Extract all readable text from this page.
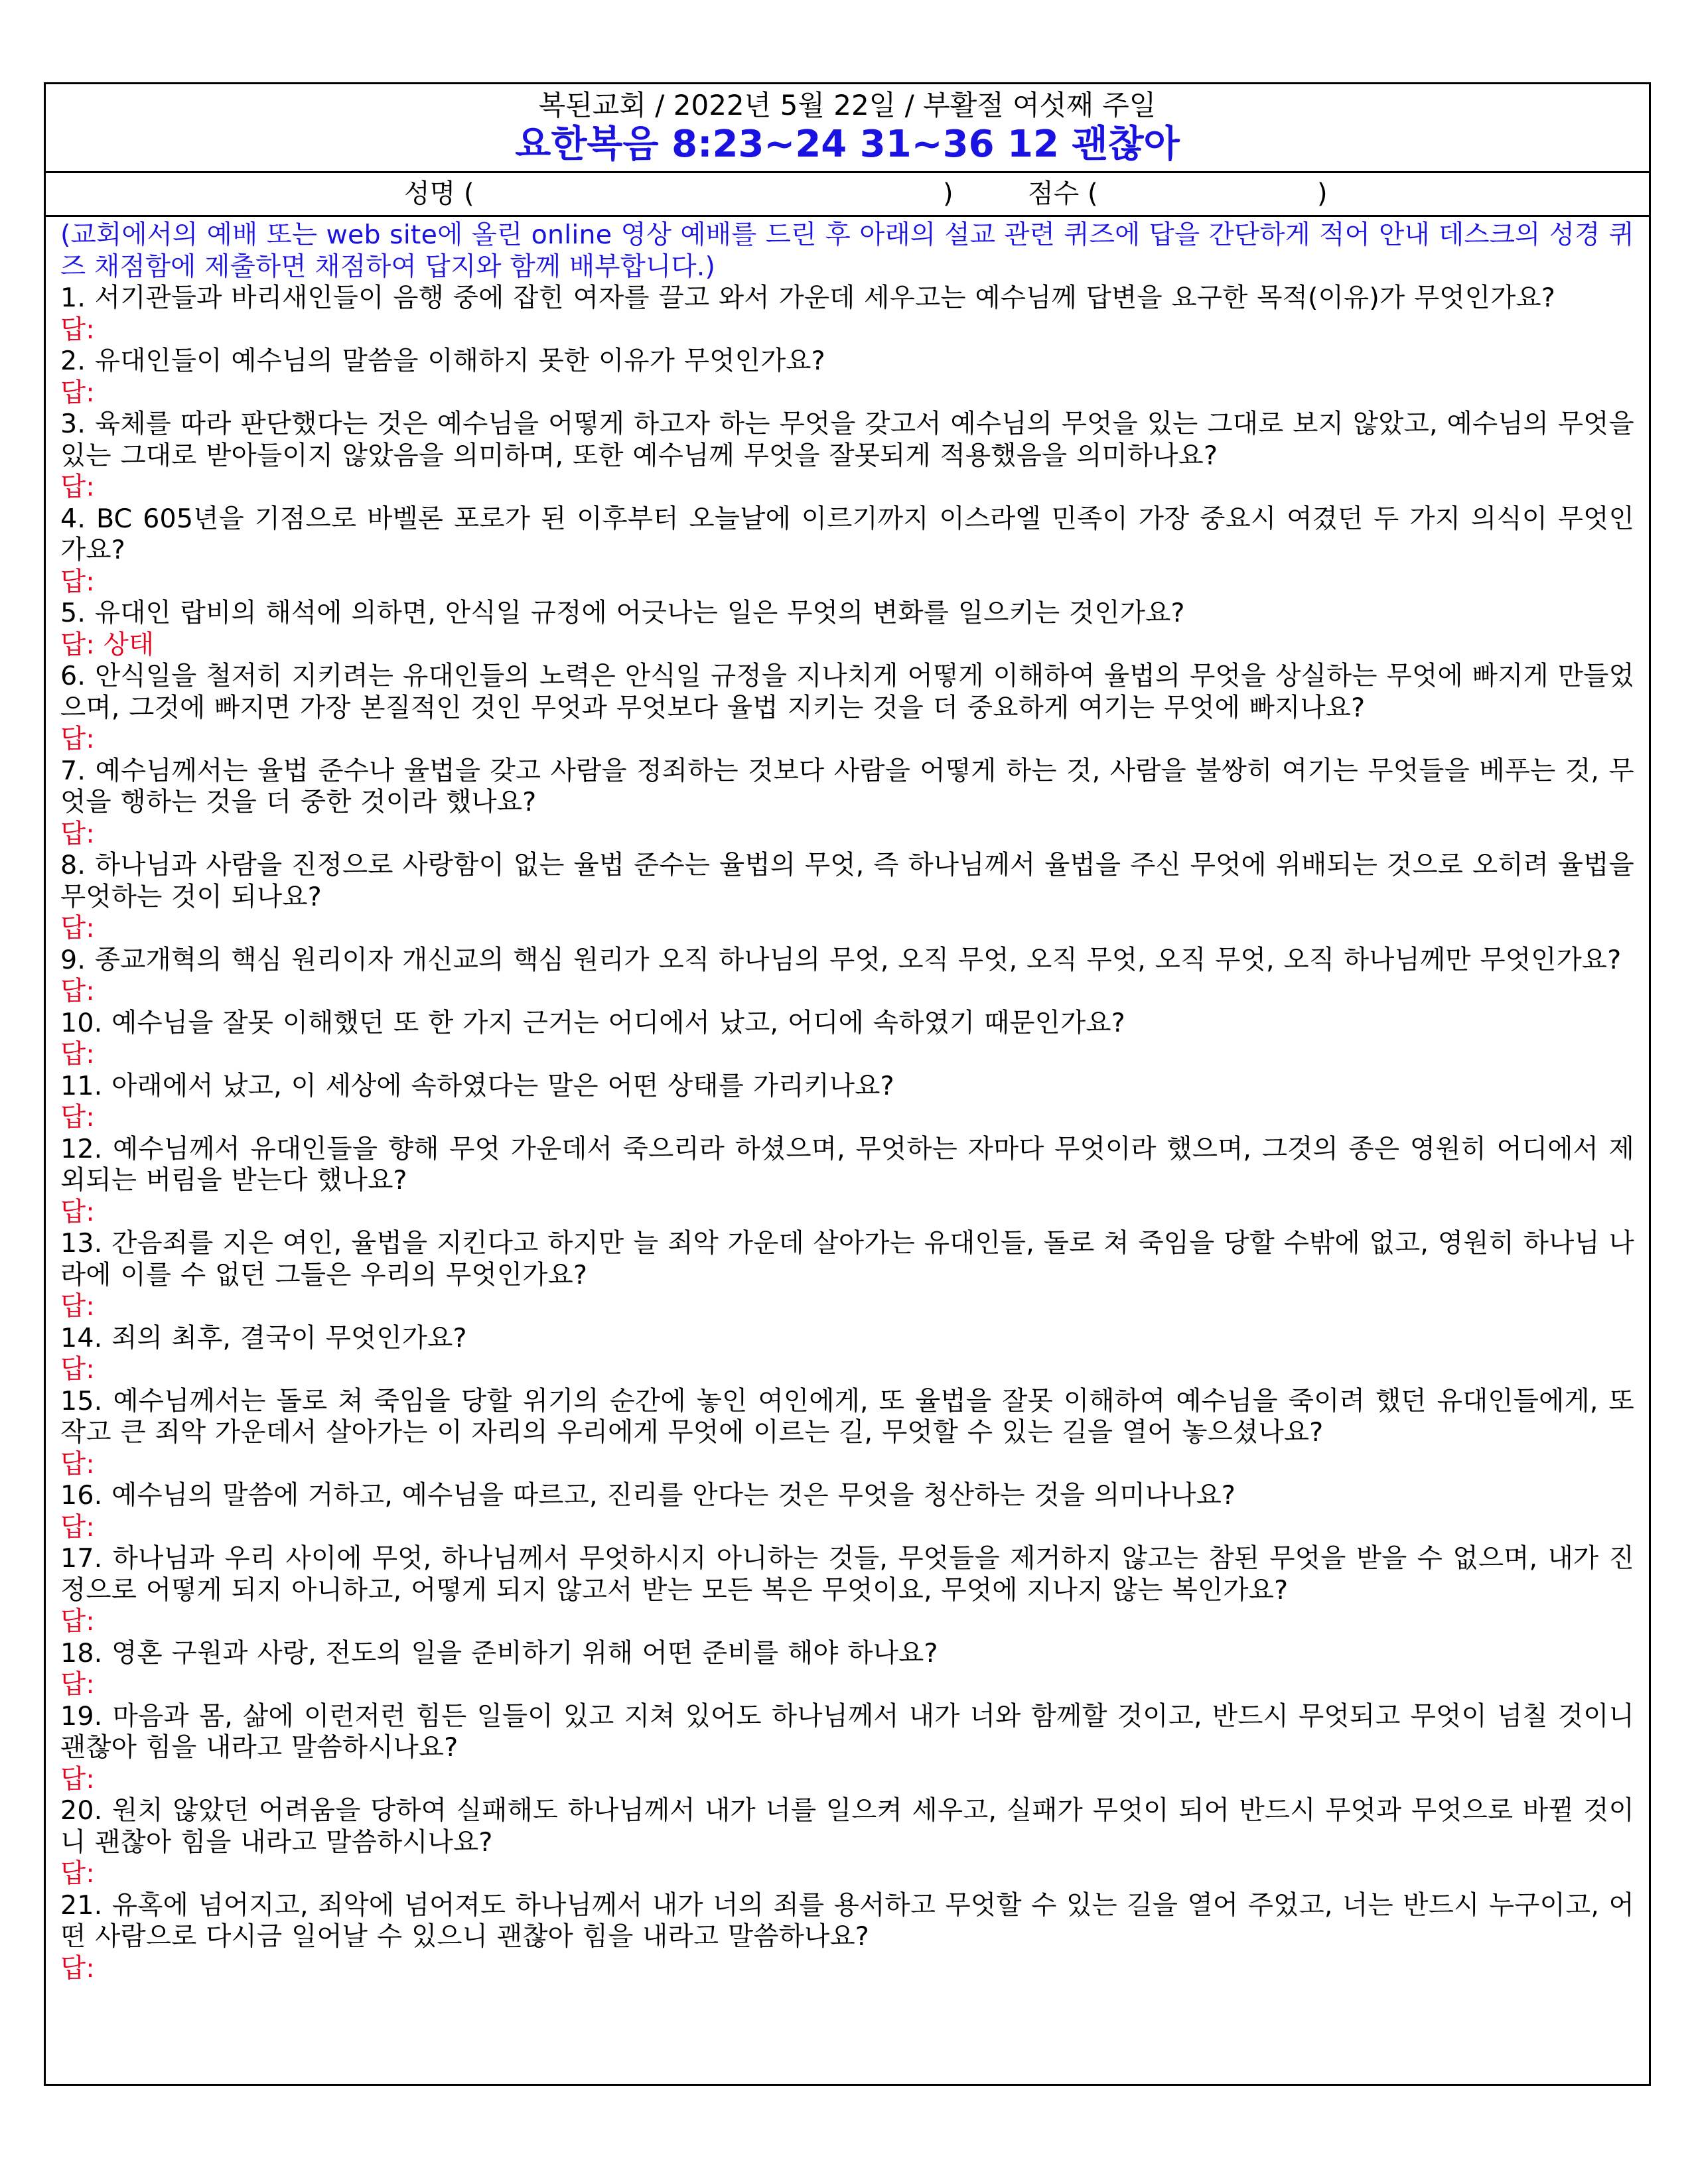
복된교회 / 2022년 5월 22일 / 부활절 여섯째 주일
요한복음 8:23~24 31~36 12 괜찮아
성명 (	)	점수 (	)
(교회에서의 예배 또는 web site에 올린 online 영상 예배를 드린 후 아래의 설교 관련 퀴즈에 답을 간단하게 적어 안내 데스크의 성경 퀴즈 채점함에 제출하면 채점하여 답지와 함께 배부합니다.)
1. 서기관들과 바리새인들이 음행 중에 잡힌 여자를 끌고 와서 가운데 세우고는 예수님께 답변을 요구한 목적(이유)가 무엇인가요?
답:
2. 유대인들이 예수님의 말씀을 이해하지 못한 이유가 무엇인가요?
답:
3. 육체를 따라 판단했다는 것은 예수님을 어떻게 하고자 하는 무엇을 갖고서 예수님의 무엇을 있는 그대로 보지 않았고, 예수님의 무엇을 있는 그대로 받아들이지 않았음을 의미하며, 또한 예수님께 무엇을 잘못되게 적용했음을 의미하나요?
답:
4. BC 605년을 기점으로 바벨론 포로가 된 이후부터 오늘날에 이르기까지 이스라엘 민족이 가장 중요시 여겼던 두 가지 의식이 무엇인가요?
답:
5. 유대인 랍비의 해석에 의하면, 안식일 규정에 어긋나는 일은 무엇의 변화를 일으키는 것인가요?
답: 상태
6. 안식일을 철저히 지키려는 유대인들의 노력은 안식일 규정을 지나치게 어떻게 이해하여 율법의 무엇을 상실하는 무엇에 빠지게 만들었으며, 그것에 빠지면 가장 본질적인 것인 무엇과 무엇보다 율법 지키는 것을 더 중요하게 여기는 무엇에 빠지나요?
답:
7. 예수님께서는 율법 준수나 율법을 갖고 사람을 정죄하는 것보다 사람을 어떻게 하는 것, 사람을 불쌍히 여기는 무엇들을 베푸는 것, 무엇을 행하는 것을 더 중한 것이라 했나요?
답:
8. 하나님과 사람을 진정으로 사랑함이 없는 율법 준수는 율법의 무엇, 즉 하나님께서 율법을 주신 무엇에 위배되는 것으로 오히려 율법을 무엇하는 것이 되나요?
답:
9. 종교개혁의 핵심 원리이자 개신교의 핵심 원리가 오직 하나님의 무엇, 오직 무엇, 오직 무엇, 오직 무엇, 오직 하나님께만 무엇인가요?
답:
10. 예수님을 잘못 이해했던 또 한 가지 근거는 어디에서 났고, 어디에 속하였기 때문인가요?
답:
11. 아래에서 났고, 이 세상에 속하였다는 말은 어떤 상태를 가리키나요?
답:
12. 예수님께서 유대인들을 향해 무엇 가운데서 죽으리라 하셨으며, 무엇하는 자마다 무엇이라 했으며, 그것의 종은 영원히 어디에서 제외되는 버림을 받는다 했나요?
답:
13. 간음죄를 지은 여인, 율법을 지킨다고 하지만 늘 죄악 가운데 살아가는 유대인들, 돌로 쳐 죽임을 당할 수밖에 없고, 영원히 하나님 나라에 이를 수 없던 그들은 우리의 무엇인가요?
답:
14. 죄의 최후, 결국이 무엇인가요?
답:
15. 예수님께서는 돌로 쳐 죽임을 당할 위기의 순간에 놓인 여인에게, 또 율법을 잘못 이해하여 예수님을 죽이려 했던 유대인들에게, 또 작고 큰 죄악 가운데서 살아가는 이 자리의 우리에게 무엇에 이르는 길, 무엇할 수 있는 길을 열어 놓으셨나요?
답:
16. 예수님의 말씀에 거하고, 예수님을 따르고, 진리를 안다는 것은 무엇을 청산하는 것을 의미나나요?
답:
17. 하나님과 우리 사이에 무엇, 하나님께서 무엇하시지 아니하는 것들, 무엇들을 제거하지 않고는 참된 무엇을 받을 수 없으며, 내가 진정으로 어떻게 되지 아니하고, 어떻게 되지 않고서 받는 모든 복은 무엇이요, 무엇에 지나지 않는 복인가요?
답:
18. 영혼 구원과 사랑, 전도의 일을 준비하기 위해 어떤 준비를 해야 하나요?
답:
19. 마음과 몸, 삶에 이런저런 힘든 일들이 있고 지쳐 있어도 하나님께서 내가 너와 함께할 것이고, 반드시 무엇되고 무엇이 넘칠 것이니 괜찮아 힘을 내라고 말씀하시나요?
답:
20. 원치 않았던 어려움을 당하여 실패해도 하나님께서 내가 너를 일으켜 세우고, 실패가 무엇이 되어 반드시 무엇과 무엇으로 바뀔 것이니 괜찮아 힘을 내라고 말씀하시나요?
답:
21. 유혹에 넘어지고, 죄악에 넘어져도 하나님께서 내가 너의 죄를 용서하고 무엇할 수 있는 길을 열어 주었고, 너는 반드시 누구이고, 어떤 사람으로 다시금 일어날 수 있으니 괜찮아 힘을 내라고 말씀하나요?
답:
